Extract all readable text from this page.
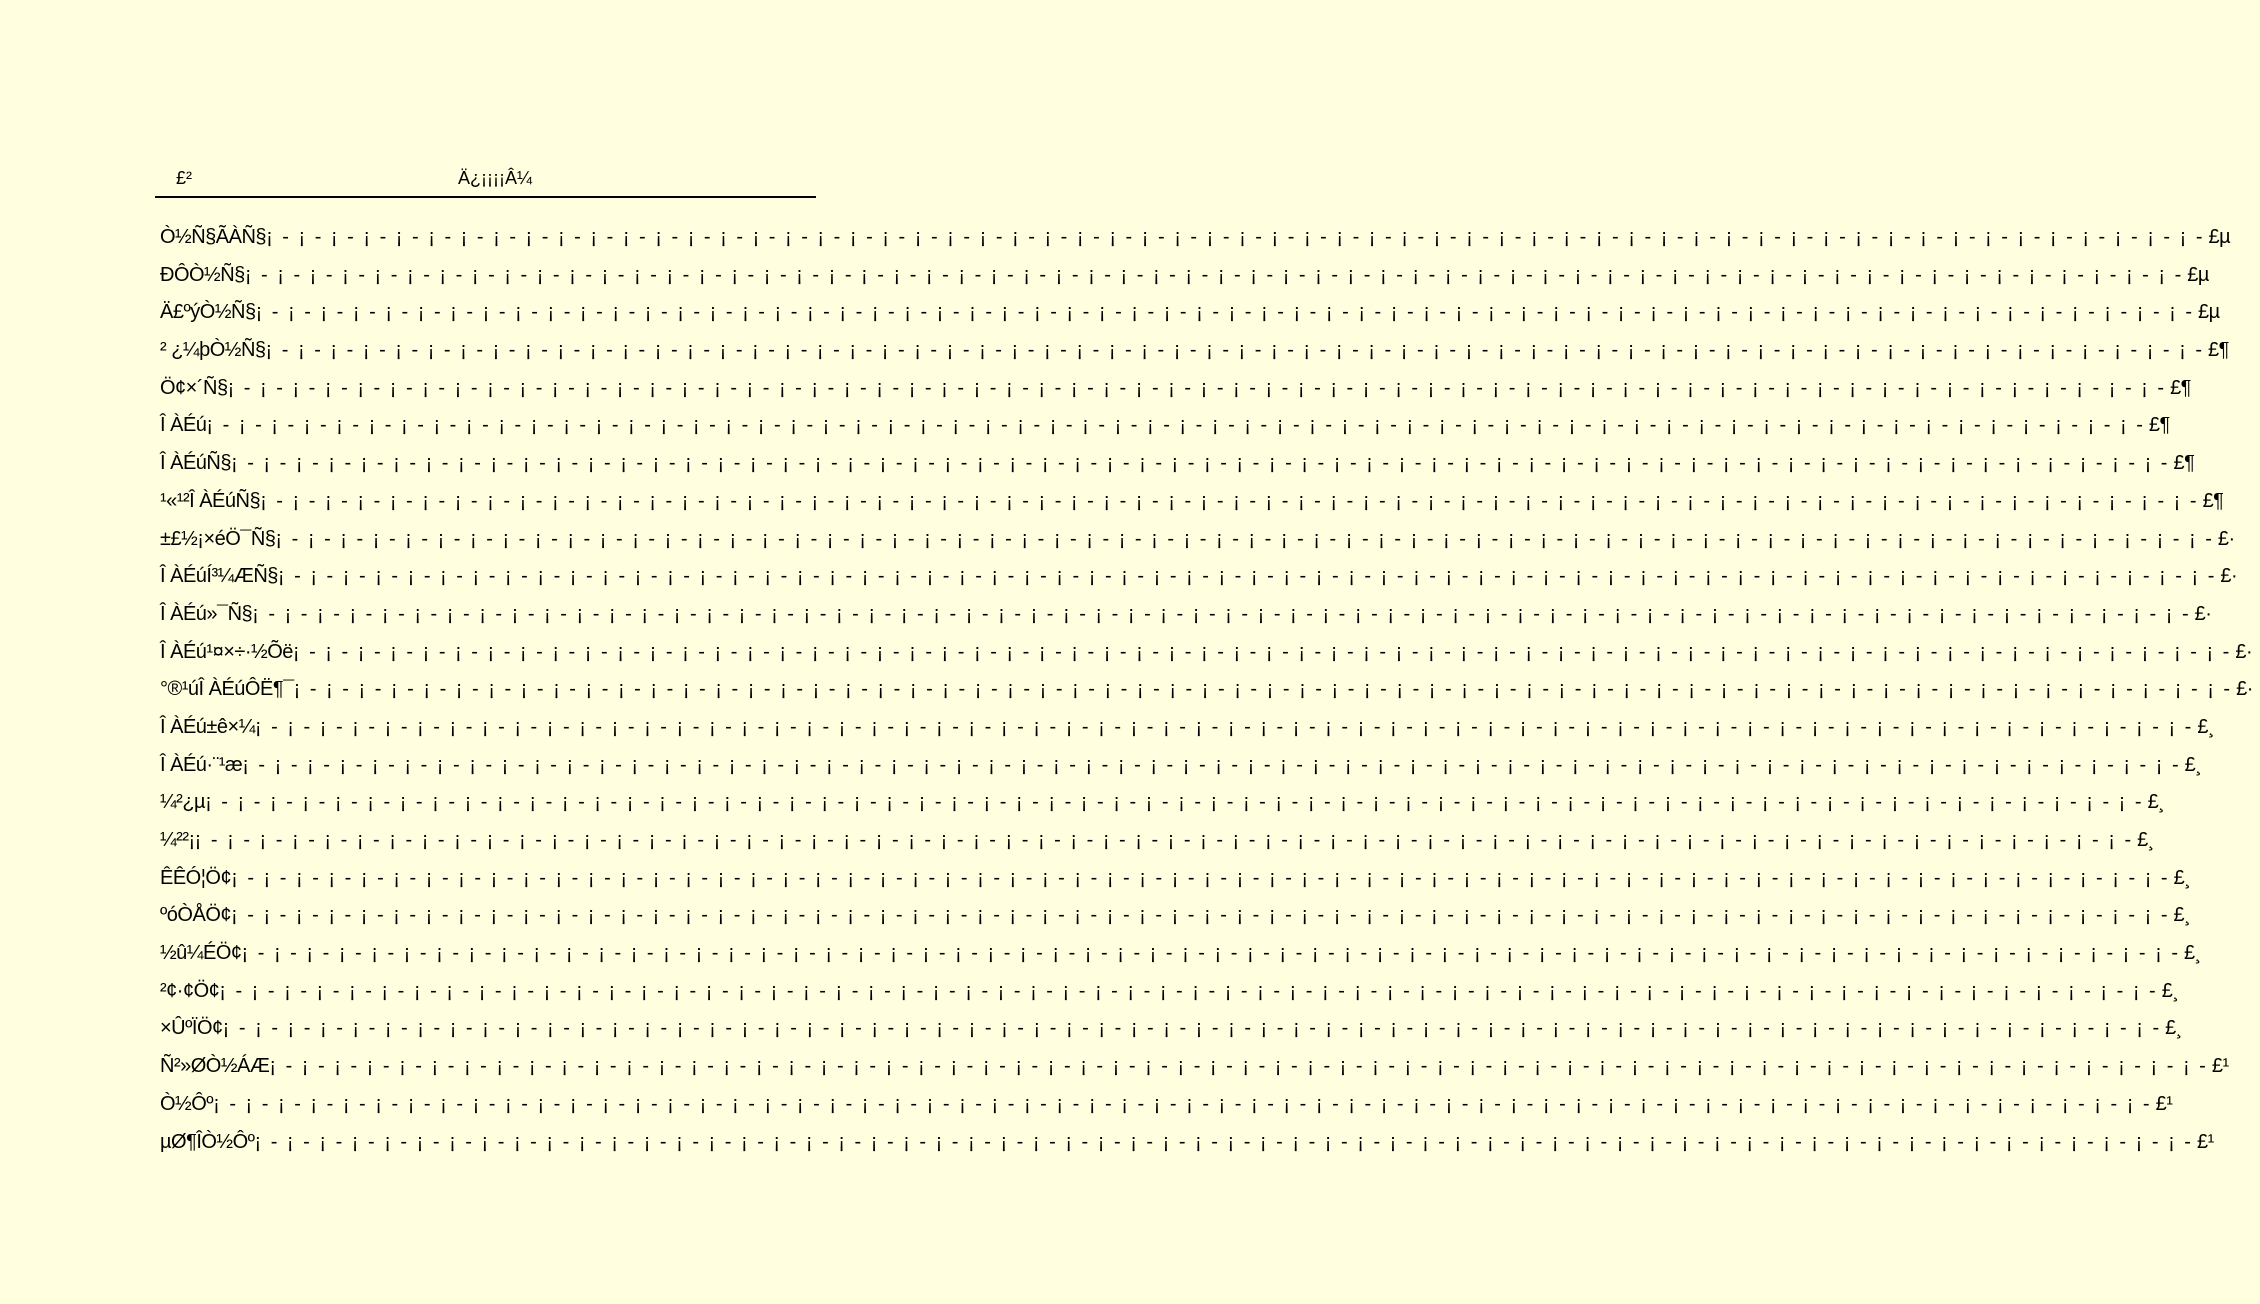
£²	Ä¿¡¡¡¡Â¼
Ò½Ñ§ÃÀÑ§ ¡ - ¡ - ¡ - ¡ - ¡ - ¡ - ¡ - ¡ - ¡ - ¡ - ¡ - ¡ - ¡ - ¡ - ¡ - ¡ - ¡ - ¡ - ¡ - ¡ - ¡ - ¡ - ¡ - ¡ - ¡ - ¡ - ¡ - ¡ - ¡ - ¡ - ¡ - ¡ - ¡ - ¡ - ¡ - ¡ - ¡ - ¡ - ¡ - ¡ - ¡ - ¡ - ¡ - ¡ - ¡ - ¡ - ¡ - ¡ - ¡ - ¡ - ¡ - ¡ - ¡ - ¡ - ¡ - ¡ - ¡ - ¡ - ¡ - ¡ - £µ
ÐÔÒ½Ñ§ ¡ - ¡ - ¡ - ¡ - ¡ - ¡ - ¡ - ¡ - ¡ - ¡ - ¡ - ¡ - ¡ - ¡ - ¡ - ¡ - ¡ - ¡ - ¡ - ¡ - ¡ - ¡ - ¡ - ¡ - ¡ - ¡ - ¡ - ¡ - ¡ - ¡ - ¡ - ¡ - ¡ - ¡ - ¡ - ¡ - ¡ - ¡ - ¡ - ¡ - ¡ - ¡ - ¡ - ¡ - ¡ - ¡ - ¡ - ¡ - ¡ - ¡ - ¡ - ¡ - ¡ - ¡ - ¡ - ¡ - ¡ - ¡ - ¡ - ¡ - £µ
Ä£ºýÒ½Ñ§ ¡ - ¡ - ¡ - ¡ - ¡ - ¡ - ¡ - ¡ - ¡ - ¡ - ¡ - ¡ - ¡ - ¡ - ¡ - ¡ - ¡ - ¡ - ¡ - ¡ - ¡ - ¡ - ¡ - ¡ - ¡ - ¡ - ¡ - ¡ - ¡ - ¡ - ¡ - ¡ - ¡ - ¡ - ¡ - ¡ - ¡ - ¡ - ¡ - ¡ - ¡ - ¡ - ¡ - ¡ - ¡ - ¡ - ¡ - ¡ - ¡ - ¡ - ¡ - ¡ - ¡ - ¡ - ¡ - ¡ - ¡ - ¡ - ¡ - ¡ - £µ
² ¿¼þÒ½Ñ§ ¡ - ¡ - ¡ - ¡ - ¡ - ¡ - ¡ - ¡ - ¡ - ¡ - ¡ - ¡ - ¡ - ¡ - ¡ - ¡ - ¡ - ¡ - ¡ - ¡ - ¡ - ¡ - ¡ - ¡ - ¡ - ¡ - ¡ - ¡ - ¡ - ¡ - ¡ - ¡ - ¡ - ¡ - ¡ - ¡ - ¡ - ¡ - ¡ - ¡ - ¡ - ¡ - ¡ - ¡ - ¡ - ¡ - ¡ - ¡ - ¡ - ¡ - ¡ - ¡ - ¡ - ¡ - ¡ - ¡ - ¡ - ¡ - ¡ - ¡ - £¶
Ö¢×´Ñ§ ¡ - ¡ - ¡ - ¡ - ¡ - ¡ - ¡ - ¡ - ¡ - ¡ - ¡ - ¡ - ¡ - ¡ - ¡ - ¡ - ¡ - ¡ - ¡ - ¡ - ¡ - ¡ - ¡ - ¡ - ¡ - ¡ - ¡ - ¡ - ¡ - ¡ - ¡ - ¡ - ¡ - ¡ - ¡ - ¡ - ¡ - ¡ - ¡ - ¡ - ¡ - ¡ - ¡ - ¡ - ¡ - ¡ - ¡ - ¡ - ¡ - ¡ - ¡ - ¡ - ¡ - ¡ - ¡ - ¡ - ¡ - ¡ - ¡ - ¡ - £¶
Î ÀÉú ¡ - ¡ - ¡ - ¡ - ¡ - ¡ - ¡ - ¡ - ¡ - ¡ - ¡ - ¡ - ¡ - ¡ - ¡ - ¡ - ¡ - ¡ - ¡ - ¡ - ¡ - ¡ - ¡ - ¡ - ¡ - ¡ - ¡ - ¡ - ¡ - ¡ - ¡ - ¡ - ¡ - ¡ - ¡ - ¡ - ¡ - ¡ - ¡ - ¡ - ¡ - ¡ - ¡ - ¡ - ¡ - ¡ - ¡ - ¡ - ¡ - ¡ - ¡ - ¡ - ¡ - ¡ - ¡ - ¡ - ¡ - ¡ - ¡ - ¡ - £¶
Î ÀÉúÑ§ ¡ - ¡ - ¡ - ¡ - ¡ - ¡ - ¡ - ¡ - ¡ - ¡ - ¡ - ¡ - ¡ - ¡ - ¡ - ¡ - ¡ - ¡ - ¡ - ¡ - ¡ - ¡ - ¡ - ¡ - ¡ - ¡ - ¡ - ¡ - ¡ - ¡ - ¡ - ¡ - ¡ - ¡ - ¡ - ¡ - ¡ - ¡ - ¡ - ¡ - ¡ - ¡ - ¡ - ¡ - ¡ - ¡ - ¡ - ¡ - ¡ - ¡ - ¡ - ¡ - ¡ - ¡ - ¡ - ¡ - ¡ - ¡ - ¡ - ¡ - £¶
¹«¹²Î ÀÉúÑ§ ¡ - ¡ - ¡ - ¡ - ¡ - ¡ - ¡ - ¡ - ¡ - ¡ - ¡ - ¡ - ¡ - ¡ - ¡ - ¡ - ¡ - ¡ - ¡ - ¡ - ¡ - ¡ - ¡ - ¡ - ¡ - ¡ - ¡ - ¡ - ¡ - ¡ - ¡ - ¡ - ¡ - ¡ - ¡ - ¡ - ¡ - ¡ - ¡ - ¡ - ¡ - ¡ - ¡ - ¡ - ¡ - ¡ - ¡ - ¡ - ¡ - ¡ - ¡ - ¡ - ¡ - ¡ - ¡ - ¡ - ¡ - ¡ - ¡ - ¡ - £¶
±£½¡×éÖ¯Ñ§ ¡ - ¡ - ¡ - ¡ - ¡ - ¡ - ¡ - ¡ - ¡ - ¡ - ¡ - ¡ - ¡ - ¡ - ¡ - ¡ - ¡ - ¡ - ¡ - ¡ - ¡ - ¡ - ¡ - ¡ - ¡ - ¡ - ¡ - ¡ - ¡ - ¡ - ¡ - ¡ - ¡ - ¡ - ¡ - ¡ - ¡ - ¡ - ¡ - ¡ - ¡ - ¡ - ¡ - ¡ - ¡ - ¡ - ¡ - ¡ - ¡ - ¡ - ¡ - ¡ - ¡ - ¡ - ¡ - ¡ - ¡ - ¡ - ¡ - ¡ - £·
Î ÀÉúÍ³¼ÆÑ§ ¡ - ¡ - ¡ - ¡ - ¡ - ¡ - ¡ - ¡ - ¡ - ¡ - ¡ - ¡ - ¡ - ¡ - ¡ - ¡ - ¡ - ¡ - ¡ - ¡ - ¡ - ¡ - ¡ - ¡ - ¡ - ¡ - ¡ - ¡ - ¡ - ¡ - ¡ - ¡ - ¡ - ¡ - ¡ - ¡ - ¡ - ¡ - ¡ - ¡ - ¡ - ¡ - ¡ - ¡ - ¡ - ¡ - ¡ - ¡ - ¡ - ¡ - ¡ - ¡ - ¡ - ¡ - ¡ - ¡ - ¡ - ¡ - ¡ - ¡ - £·
Î ÀÉú»¯Ñ§ ¡ - ¡ - ¡ - ¡ - ¡ - ¡ - ¡ - ¡ - ¡ - ¡ - ¡ - ¡ - ¡ - ¡ - ¡ - ¡ - ¡ - ¡ - ¡ - ¡ - ¡ - ¡ - ¡ - ¡ - ¡ - ¡ - ¡ - ¡ - ¡ - ¡ - ¡ - ¡ - ¡ - ¡ - ¡ - ¡ - ¡ - ¡ - ¡ - ¡ - ¡ - ¡ - ¡ - ¡ - ¡ - ¡ - ¡ - ¡ - ¡ - ¡ - ¡ - ¡ - ¡ - ¡ - ¡ - ¡ - ¡ - ¡ - ¡ - ¡ - £·
Î ÀÉú¹¤×÷·½Õë ¡ - ¡ - ¡ - ¡ - ¡ - ¡ - ¡ - ¡ - ¡ - ¡ - ¡ - ¡ - ¡ - ¡ - ¡ - ¡ - ¡ - ¡ - ¡ - ¡ - ¡ - ¡ - ¡ - ¡ - ¡ - ¡ - ¡ - ¡ - ¡ - ¡ - ¡ - ¡ - ¡ - ¡ - ¡ - ¡ - ¡ - ¡ - ¡ - ¡ - ¡ - ¡ - ¡ - ¡ - ¡ - ¡ - ¡ - ¡ - ¡ - ¡ - ¡ - ¡ - ¡ - ¡ - ¡ - ¡ - ¡ - ¡ - ¡ - ¡ - £·
°®¹úÎ ÀÉúÔË¶¯ ¡ - ¡ - ¡ - ¡ - ¡ - ¡ - ¡ - ¡ - ¡ - ¡ - ¡ - ¡ - ¡ - ¡ - ¡ - ¡ - ¡ - ¡ - ¡ - ¡ - ¡ - ¡ - ¡ - ¡ - ¡ - ¡ - ¡ - ¡ - ¡ - ¡ - ¡ - ¡ - ¡ - ¡ - ¡ - ¡ - ¡ - ¡ - ¡ - ¡ - ¡ - ¡ - ¡ - ¡ - ¡ - ¡ - ¡ - ¡ - ¡ - ¡ - ¡ - ¡ - ¡ - ¡ - ¡ - ¡ - ¡ - ¡ - ¡ - ¡ - £·
Î ÀÉú±ê×¼ ¡ - ¡ - ¡ - ¡ - ¡ - ¡ - ¡ - ¡ - ¡ - ¡ - ¡ - ¡ - ¡ - ¡ - ¡ - ¡ - ¡ - ¡ - ¡ - ¡ - ¡ - ¡ - ¡ - ¡ - ¡ - ¡ - ¡ - ¡ - ¡ - ¡ - ¡ - ¡ - ¡ - ¡ - ¡ - ¡ - ¡ - ¡ - ¡ - ¡ - ¡ - ¡ - ¡ - ¡ - ¡ - ¡ - ¡ - ¡ - ¡ - ¡ - ¡ - ¡ - ¡ - ¡ - ¡ - ¡ - ¡ - ¡ - ¡ - ¡ - £¸
Î ÀÉú·¨¹æ ¡ - ¡ - ¡ - ¡ - ¡ - ¡ - ¡ - ¡ - ¡ - ¡ - ¡ - ¡ - ¡ - ¡ - ¡ - ¡ - ¡ - ¡ - ¡ - ¡ - ¡ - ¡ - ¡ - ¡ - ¡ - ¡ - ¡ - ¡ - ¡ - ¡ - ¡ - ¡ - ¡ - ¡ - ¡ - ¡ - ¡ - ¡ - ¡ - ¡ - ¡ - ¡ - ¡ - ¡ - ¡ - ¡ - ¡ - ¡ - ¡ - ¡ - ¡ - ¡ - ¡ - ¡ - ¡ - ¡ - ¡ - ¡ - ¡ - ¡ - £¸
¼²¿µ ¡ - ¡ - ¡ - ¡ - ¡ - ¡ - ¡ - ¡ - ¡ - ¡ - ¡ - ¡ - ¡ - ¡ - ¡ - ¡ - ¡ - ¡ - ¡ - ¡ - ¡ - ¡ - ¡ - ¡ - ¡ - ¡ - ¡ - ¡ - ¡ - ¡ - ¡ - ¡ - ¡ - ¡ - ¡ - ¡ - ¡ - ¡ - ¡ - ¡ - ¡ - ¡ - ¡ - ¡ - ¡ - ¡ - ¡ - ¡ - ¡ - ¡ - ¡ - ¡ - ¡ - ¡ - ¡ - ¡ - ¡ - ¡ - ¡ - ¡ - £¸
¼²²¡ ¡ - ¡ - ¡ - ¡ - ¡ - ¡ - ¡ - ¡ - ¡ - ¡ - ¡ - ¡ - ¡ - ¡ - ¡ - ¡ - ¡ - ¡ - ¡ - ¡ - ¡ - ¡ - ¡ - ¡ - ¡ - ¡ - ¡ - ¡ - ¡ - ¡ - ¡ - ¡ - ¡ - ¡ - ¡ - ¡ - ¡ - ¡ - ¡ - ¡ - ¡ - ¡ - ¡ - ¡ - ¡ - ¡ - ¡ - ¡ - ¡ - ¡ - ¡ - ¡ - ¡ - ¡ - ¡ - ¡ - ¡ - ¡ - ¡ - ¡ - £¸
ÊÊÓ¦Ö¢ ¡ - ¡ - ¡ - ¡ - ¡ - ¡ - ¡ - ¡ - ¡ - ¡ - ¡ - ¡ - ¡ - ¡ - ¡ - ¡ - ¡ - ¡ - ¡ - ¡ - ¡ - ¡ - ¡ - ¡ - ¡ - ¡ - ¡ - ¡ - ¡ - ¡ - ¡ - ¡ - ¡ - ¡ - ¡ - ¡ - ¡ - ¡ - ¡ - ¡ - ¡ - ¡ - ¡ - ¡ - ¡ - ¡ - ¡ - ¡ - ¡ - ¡ - ¡ - ¡ - ¡ - ¡ - ¡ - ¡ - ¡ - ¡ - ¡ - ¡ - £¸
ºóÒÅÖ¢ ¡ - ¡ - ¡ - ¡ - ¡ - ¡ - ¡ - ¡ - ¡ - ¡ - ¡ - ¡ - ¡ - ¡ - ¡ - ¡ - ¡ - ¡ - ¡ - ¡ - ¡ - ¡ - ¡ - ¡ - ¡ - ¡ - ¡ - ¡ - ¡ - ¡ - ¡ - ¡ - ¡ - ¡ - ¡ - ¡ - ¡ - ¡ - ¡ - ¡ - ¡ - ¡ - ¡ - ¡ - ¡ - ¡ - ¡ - ¡ - ¡ - ¡ - ¡ - ¡ - ¡ - ¡ - ¡ - ¡ - ¡ - ¡ - ¡ - ¡ - £¸
½û¼ÉÖ¢ ¡ - ¡ - ¡ - ¡ - ¡ - ¡ - ¡ - ¡ - ¡ - ¡ - ¡ - ¡ - ¡ - ¡ - ¡ - ¡ - ¡ - ¡ - ¡ - ¡ - ¡ - ¡ - ¡ - ¡ - ¡ - ¡ - ¡ - ¡ - ¡ - ¡ - ¡ - ¡ - ¡ - ¡ - ¡ - ¡ - ¡ - ¡ - ¡ - ¡ - ¡ - ¡ - ¡ - ¡ - ¡ - ¡ - ¡ - ¡ - ¡ - ¡ - ¡ - ¡ - ¡ - ¡ - ¡ - ¡ - ¡ - ¡ - ¡ - ¡ - £¸
²¢·¢Ö¢ ¡ - ¡ - ¡ - ¡ - ¡ - ¡ - ¡ - ¡ - ¡ - ¡ - ¡ - ¡ - ¡ - ¡ - ¡ - ¡ - ¡ - ¡ - ¡ - ¡ - ¡ - ¡ - ¡ - ¡ - ¡ - ¡ - ¡ - ¡ - ¡ - ¡ - ¡ - ¡ - ¡ - ¡ - ¡ - ¡ - ¡ - ¡ - ¡ - ¡ - ¡ - ¡ - ¡ - ¡ - ¡ - ¡ - ¡ - ¡ - ¡ - ¡ - ¡ - ¡ - ¡ - ¡ - ¡ - ¡ - ¡ - ¡ - ¡ - ¡ - £¸
×ÛºÏÖ¢ ¡ - ¡ - ¡ - ¡ - ¡ - ¡ - ¡ - ¡ - ¡ - ¡ - ¡ - ¡ - ¡ - ¡ - ¡ - ¡ - ¡ - ¡ - ¡ - ¡ - ¡ - ¡ - ¡ - ¡ - ¡ - ¡ - ¡ - ¡ - ¡ - ¡ - ¡ - ¡ - ¡ - ¡ - ¡ - ¡ - ¡ - ¡ - ¡ - ¡ - ¡ - ¡ - ¡ - ¡ - ¡ - ¡ - ¡ - ¡ - ¡ - ¡ - ¡ - ¡ - ¡ - ¡ - ¡ - ¡ - ¡ - ¡ - ¡ - ¡ - £¸
Ñ²»ØÒ½ÁÆ ¡ - ¡ - ¡ - ¡ - ¡ - ¡ - ¡ - ¡ - ¡ - ¡ - ¡ - ¡ - ¡ - ¡ - ¡ - ¡ - ¡ - ¡ - ¡ - ¡ - ¡ - ¡ - ¡ - ¡ - ¡ - ¡ - ¡ - ¡ - ¡ - ¡ - ¡ - ¡ - ¡ - ¡ - ¡ - ¡ - ¡ - ¡ - ¡ - ¡ - ¡ - ¡ - ¡ - ¡ - ¡ - ¡ - ¡ - ¡ - ¡ - ¡ - ¡ - ¡ - ¡ - ¡ - ¡ - ¡ - ¡ - ¡ - ¡ - ¡ - £¹
Ò½Ôº ¡ - ¡ - ¡ - ¡ - ¡ - ¡ - ¡ - ¡ - ¡ - ¡ - ¡ - ¡ - ¡ - ¡ - ¡ - ¡ - ¡ - ¡ - ¡ - ¡ - ¡ - ¡ - ¡ - ¡ - ¡ - ¡ - ¡ - ¡ - ¡ - ¡ - ¡ - ¡ - ¡ - ¡ - ¡ - ¡ - ¡ - ¡ - ¡ - ¡ - ¡ - ¡ - ¡ - ¡ - ¡ - ¡ - ¡ - ¡ - ¡ - ¡ - ¡ - ¡ - ¡ - ¡ - ¡ - ¡ - ¡ - ¡ - ¡ - ¡ - £¹
µØ¶ÎÒ½Ôº ¡ - ¡ - ¡ - ¡ - ¡ - ¡ - ¡ - ¡ - ¡ - ¡ - ¡ - ¡ - ¡ - ¡ - ¡ - ¡ - ¡ - ¡ - ¡ - ¡ - ¡ - ¡ - ¡ - ¡ - ¡ - ¡ - ¡ - ¡ - ¡ - ¡ - ¡ - ¡ - ¡ - ¡ - ¡ - ¡ - ¡ - ¡ - ¡ - ¡ - ¡ - ¡ - ¡ - ¡ - ¡ - ¡ - ¡ - ¡ - ¡ - ¡ - ¡ - ¡ - ¡ - ¡ - ¡ - ¡ - ¡ - ¡ - ¡ - ¡ - £¹
